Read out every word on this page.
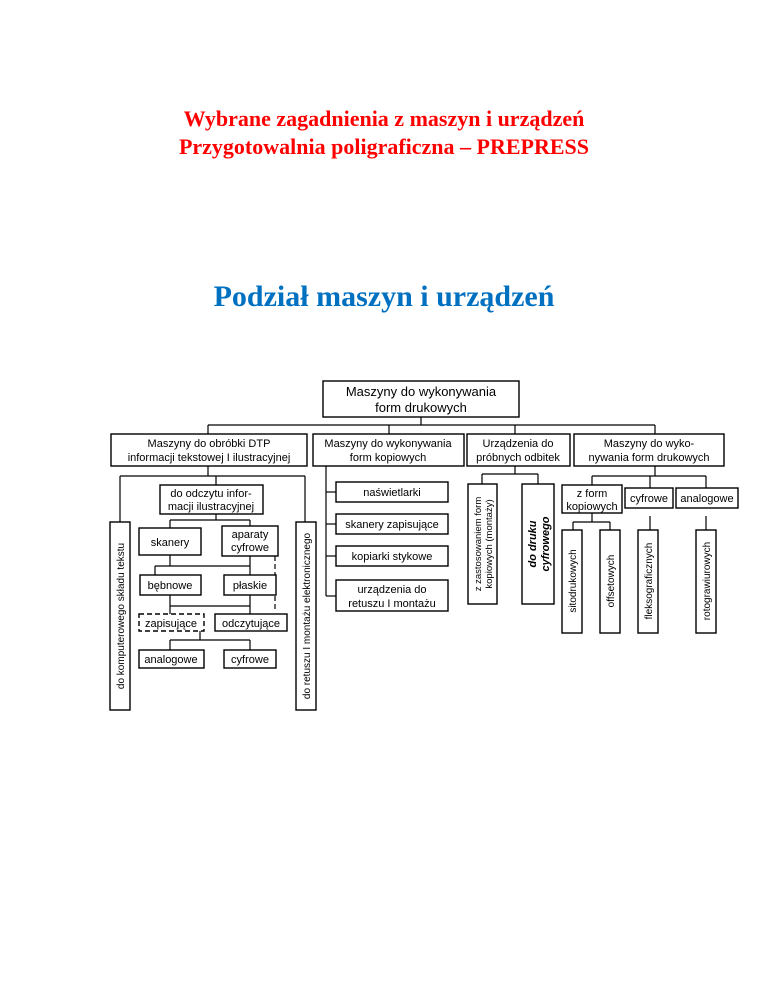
Wybrane zagadnienia z maszyn i urządzeń
Przygotowalnia poligraficzna – PREPRESS
Podział maszyn i urządzeń
Maszyny do wykonywania
form drukowych
Maszyny do obróbki DTP
informacji tekstowej I ilustracyjnej
Maszyny do wykonywania
form kopiowych
Urządzenia do
próbnych odbitek
Maszyny do wyko-
nywania form drukowych
do odczytu infor-
macji ilustracyjnej
skanery
aparaty
cyfrowe
bębnowe	płaskie
zapisujące odczytujące
analogowe	cyfrowe
do komputerowego składu tekstu	do retuszu I montażu elektronicznego
naświetlarki
skanery zapisujące
kopiarki stykowe
urządzenia do
retuszu I montażu
z zastosowaniem form kopiowych (montaży)	do druku cyfrowego
z form
kopiowych
cyfrowe analogowe
sitodrukowych	offsetowych	fleksograficznych	rotograwiurowych
